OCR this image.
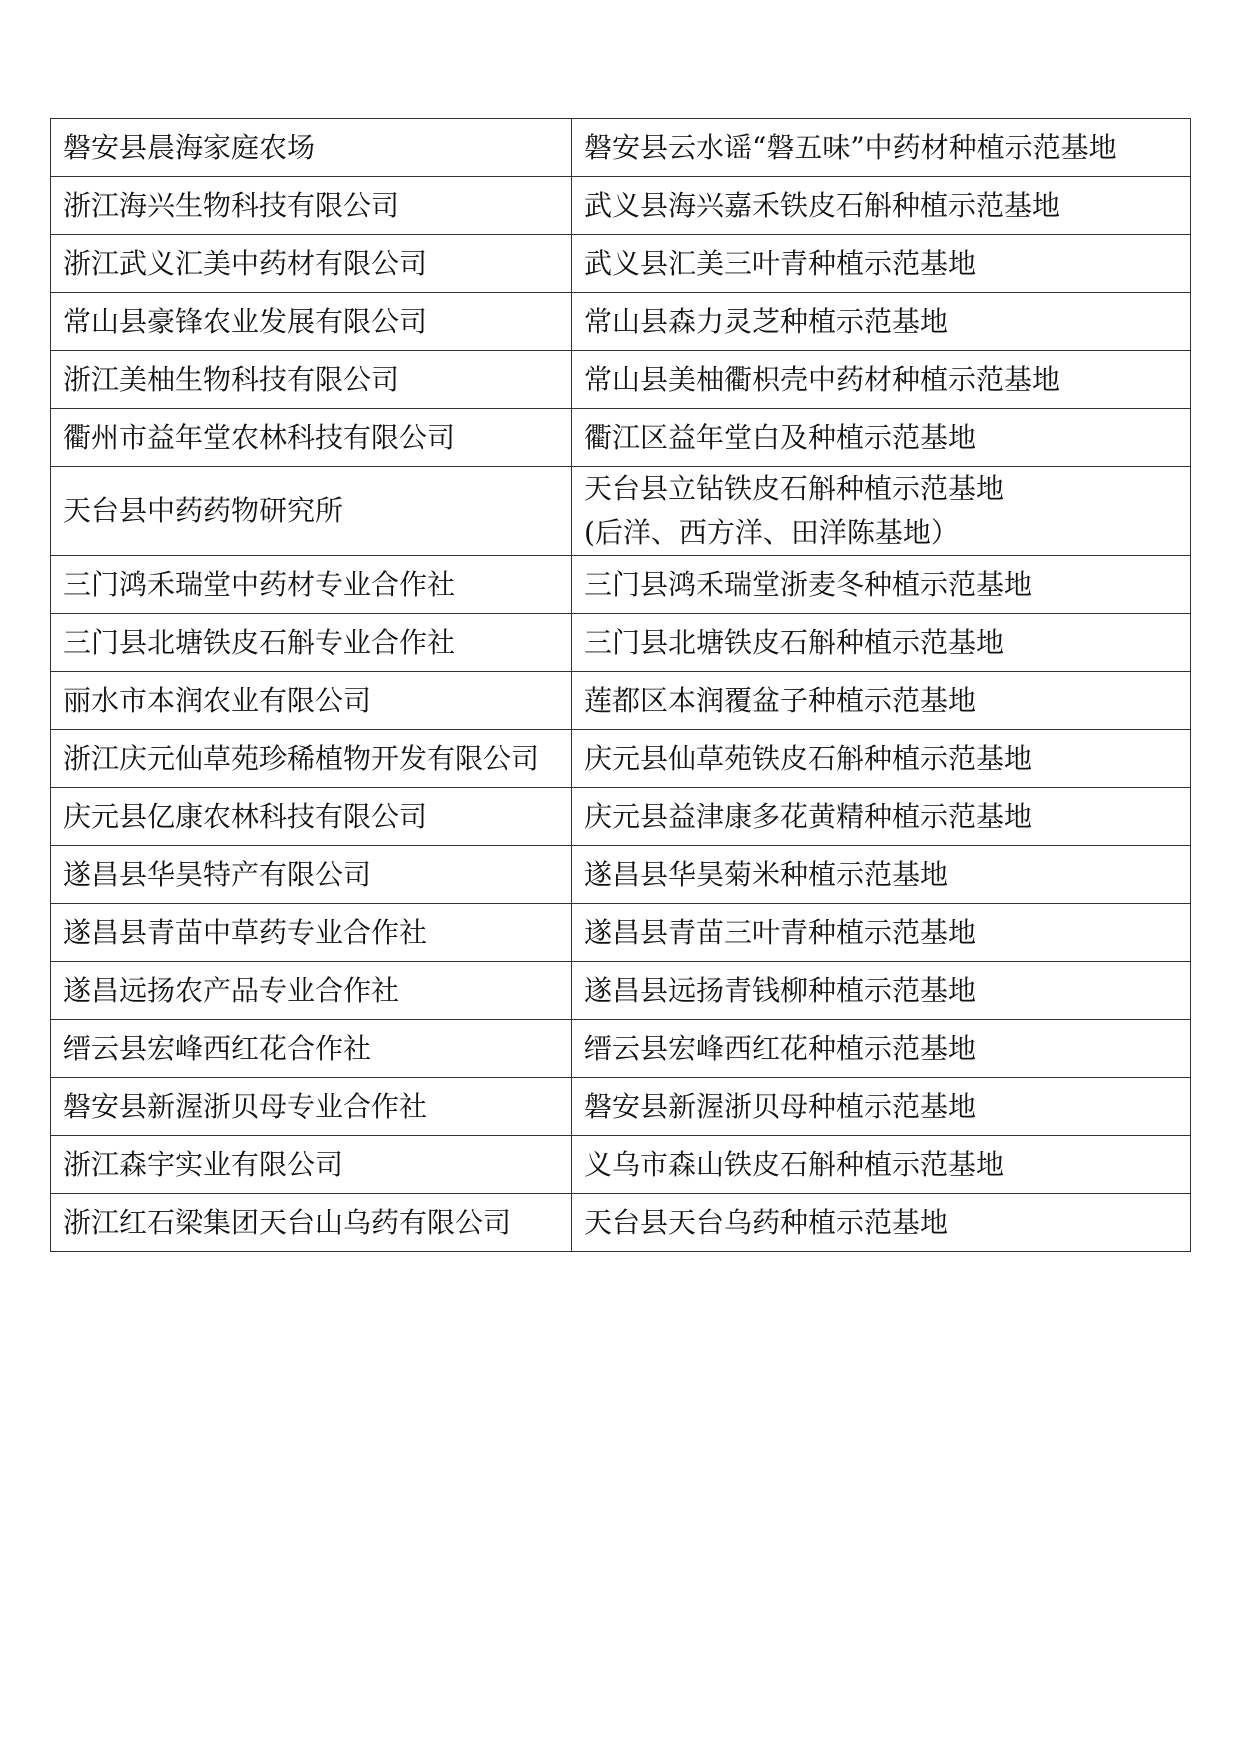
磐安县晨海家庭农场	磐安县云水谣“磐五味”中药材种植示范基地
浙江海兴生物科技有限公司	武义县海兴嘉禾铁皮石斛种植示范基地
浙江武义汇美中药材有限公司	武义县汇美三叶青种植示范基地
常山县豪锋农业发展有限公司	常山县森力灵芝种植示范基地
浙江美柚生物科技有限公司	常山县美柚衢枳壳中药材种植示范基地
衢州市益年堂农林科技有限公司	衢江区益年堂白及种植示范基地
天台县中药药物研究所	天台县立钻铁皮石斛种植示范基地
(后洋、西方洋、田洋陈基地）

三门鸿禾瑞堂中药材专业合作社	三门县鸿禾瑞堂浙麦冬种植示范基地
三门县北塘铁皮石斛专业合作社	三门县北塘铁皮石斛种植示范基地
丽水市本润农业有限公司	莲都区本润覆盆子种植示范基地
浙江庆元仙草苑珍稀植物开发有限公司	庆元县仙草苑铁皮石斛种植示范基地
庆元县亿康农林科技有限公司	庆元县益津康多花黄精种植示范基地
遂昌县华昊特产有限公司	遂昌县华昊菊米种植示范基地
遂昌县青苗中草药专业合作社	遂昌县青苗三叶青种植示范基地
遂昌远扬农产品专业合作社	遂昌县远扬青钱柳种植示范基地
缙云县宏峰西红花合作社	缙云县宏峰西红花种植示范基地
磐安县新渥浙贝母专业合作社	磐安县新渥浙贝母种植示范基地
浙江森宇实业有限公司	义乌市森山铁皮石斛种植示范基地
浙江红石梁集团天台山乌药有限公司	天台县天台乌药种植示范基地
